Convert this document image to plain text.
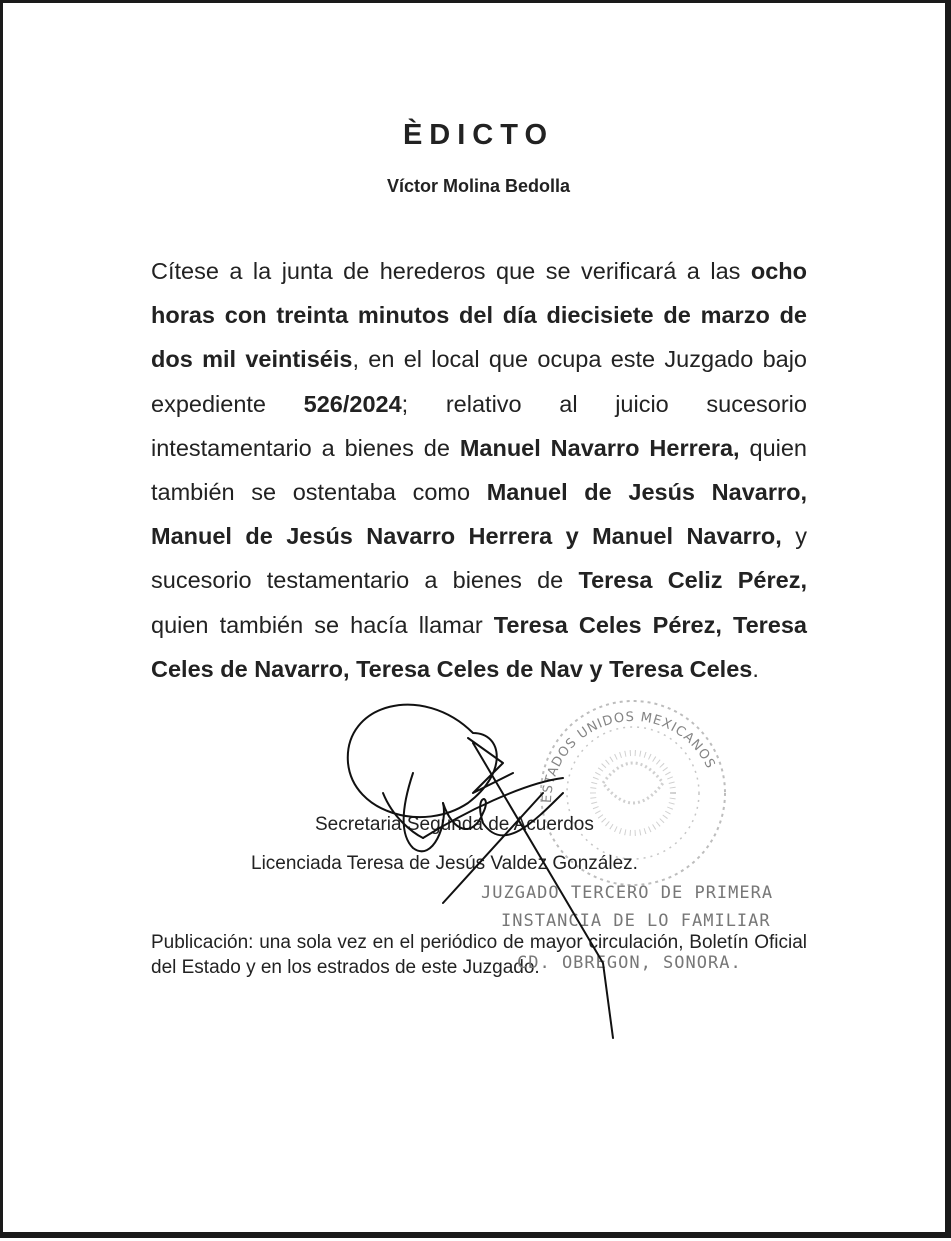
ÈDICTO
Víctor Molina Bedolla
Cítese a la junta de herederos que se verificará a las ocho horas con treinta minutos del día diecisiete de marzo de dos mil veintiséis, en el local que ocupa este Juzgado bajo expediente 526/2024; relativo al juicio sucesorio intestamentario a bienes de Manuel Navarro Herrera, quien también se ostentaba como Manuel de Jesús Navarro, Manuel de Jesús Navarro Herrera y Manuel Navarro, y sucesorio testamentario a bienes de Teresa Celiz Pérez, quien también se hacía llamar Teresa Celes Pérez, Teresa Celes de Navarro, Teresa Celes de Nav y Teresa Celes.
ESTADOS UNIDOS MEXICANOS
Secretaria Segunda de Acuerdos
Licenciada Teresa de Jesús Valdez González.
JUZGADO TERCERO DE PRIMERA
INSTANCIA DE LO FAMILIAR
Publicación: una sola vez en el periódico de mayor circulación, Boletín Oficial del Estado y en los estrados de este Juzgado.
CD. OBREGON, SONORA.
